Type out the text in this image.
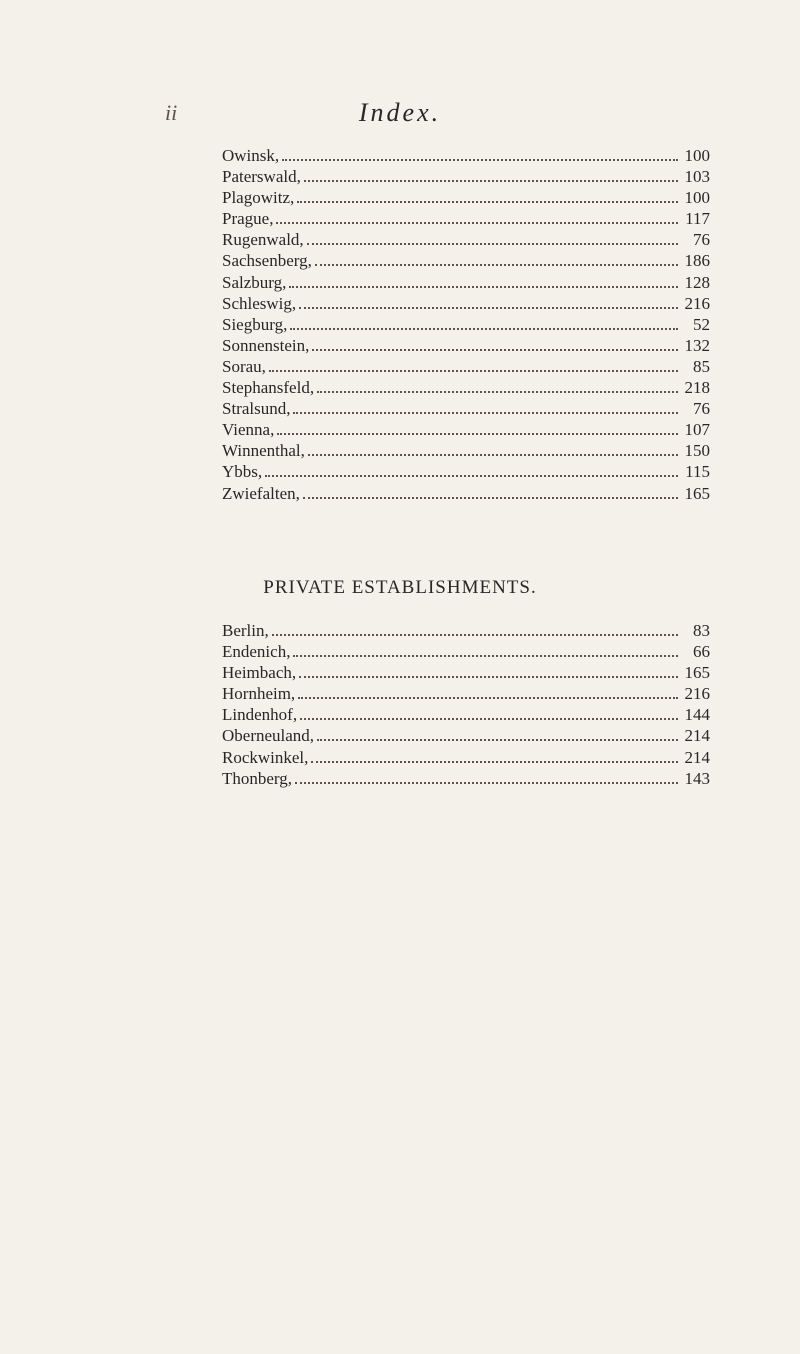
ii	Index.
Owinsk,	100
Paterswald,	103
Plagowitz,	100
Prague,	117
Rugenwald,	76
Sachsenberg,	186
Salzburg,	128
Schleswig,	216
Siegburg,	52
Sonnenstein,	132
Sorau,	85
Stephansfeld,	218
Stralsund,	76
Vienna,	107
Winnenthal,	150
Ybbs,	115
Zwiefalten,	165
PRIVATE ESTABLISHMENTS.
Berlin,	83
Endenich,	66
Heimbach,	165
Hornheim,	216
Lindenhof,	144
Oberneuland,	214
Rockwinkel,	214
Thonberg,	143
